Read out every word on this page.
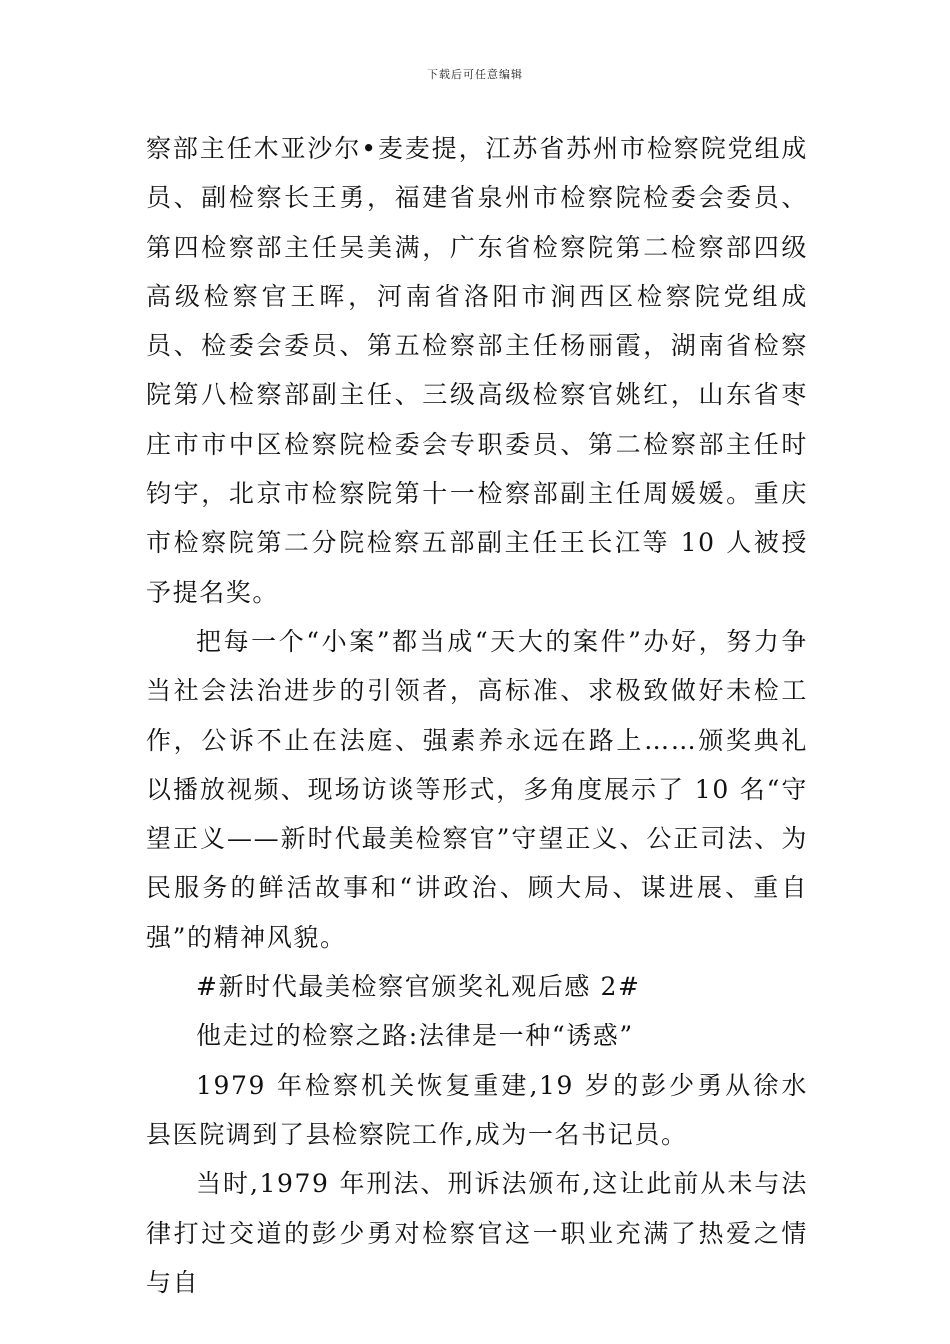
下载后可任意编辑

察部主任木亚沙尔•麦麦提，江苏省苏州市检察院党组成员、副检察长王勇，福建省泉州市检察院检委会委员、第四检察部主任吴美满，广东省检察院第二检察部四级高级检察官王晖，河南省洛阳市涧西区检察院党组成员、检委会委员、第五检察部主任杨丽霞，湖南省检察院第八检察部副主任、三级高级检察官姚红，山东省枣庄市市中区检察院检委会专职委员、第二检察部主任时钧宇，北京市检察院第十一检察部副主任周媛媛。重庆市检察院第二分院检察五部副主任王长江等 10 人被授予提名奖。

把每一个“小案”都当成“天大的案件”办好，努力争当社会法治进步的引领者，高标准、求极致做好未检工作，公诉不止在法庭、强素养永远在路上……颁奖典礼以播放视频、现场访谈等形式，多角度展示了 10 名“守望正义——新时代最美检察官”守望正义、公正司法、为民服务的鲜活故事和“讲政治、顾大局、谋进展、重自强”的精神风貌。

#新时代最美检察官颁奖礼观后感 2#

他走过的检察之路:法律是一种“诱惑”

1979 年检察机关恢复重建,19 岁的彭少勇从徐水县医院调到了县检察院工作,成为一名书记员。

当时,1979 年刑法、刑诉法颁布,这让此前从未与法律打过交道的彭少勇对检察官这一职业充满了热爱之情与自
